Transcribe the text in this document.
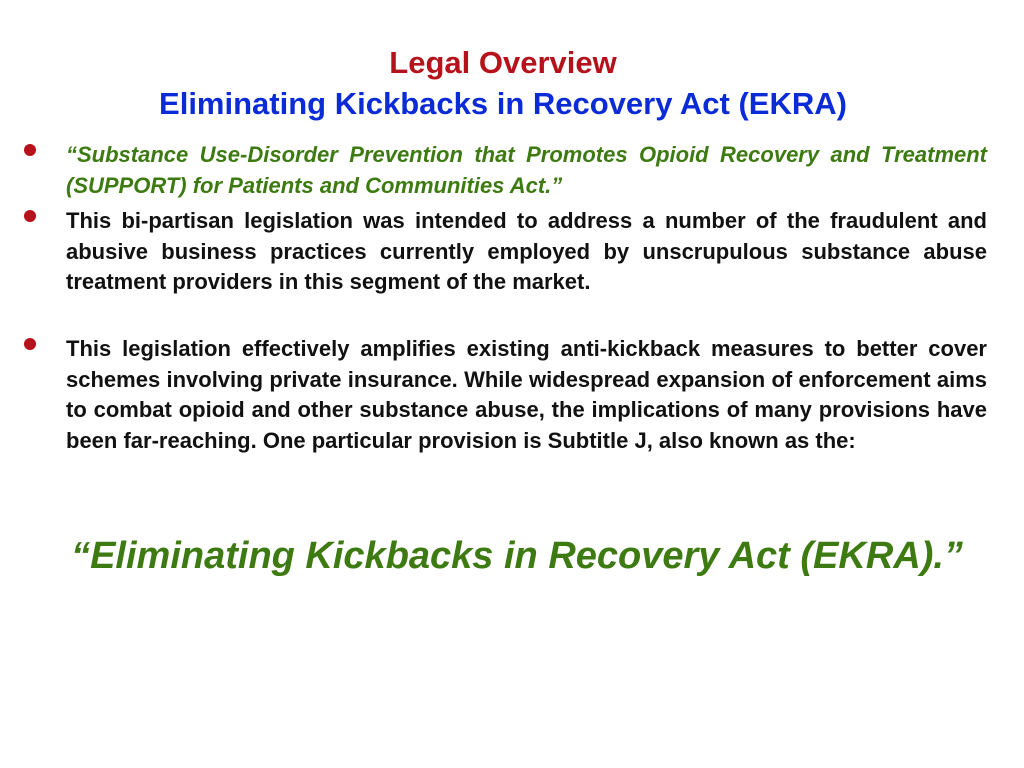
Legal Overview
Eliminating Kickbacks in Recovery Act (EKRA)
“Substance Use-Disorder Prevention that Promotes Opioid Recovery and Treatment (SUPPORT) for Patients and Communities Act.”
This bi-partisan legislation was intended to address a number of the fraudulent and abusive business practices currently employed by unscrupulous substance abuse treatment providers in this segment of the market.
This legislation effectively amplifies existing anti-kickback measures to better cover schemes involving private insurance. While widespread expansion of enforcement aims to combat opioid and other substance abuse, the implications of many provisions have been far-reaching. One particular provision is Subtitle J, also known as the:
“Eliminating Kickbacks in Recovery Act (EKRA).”
